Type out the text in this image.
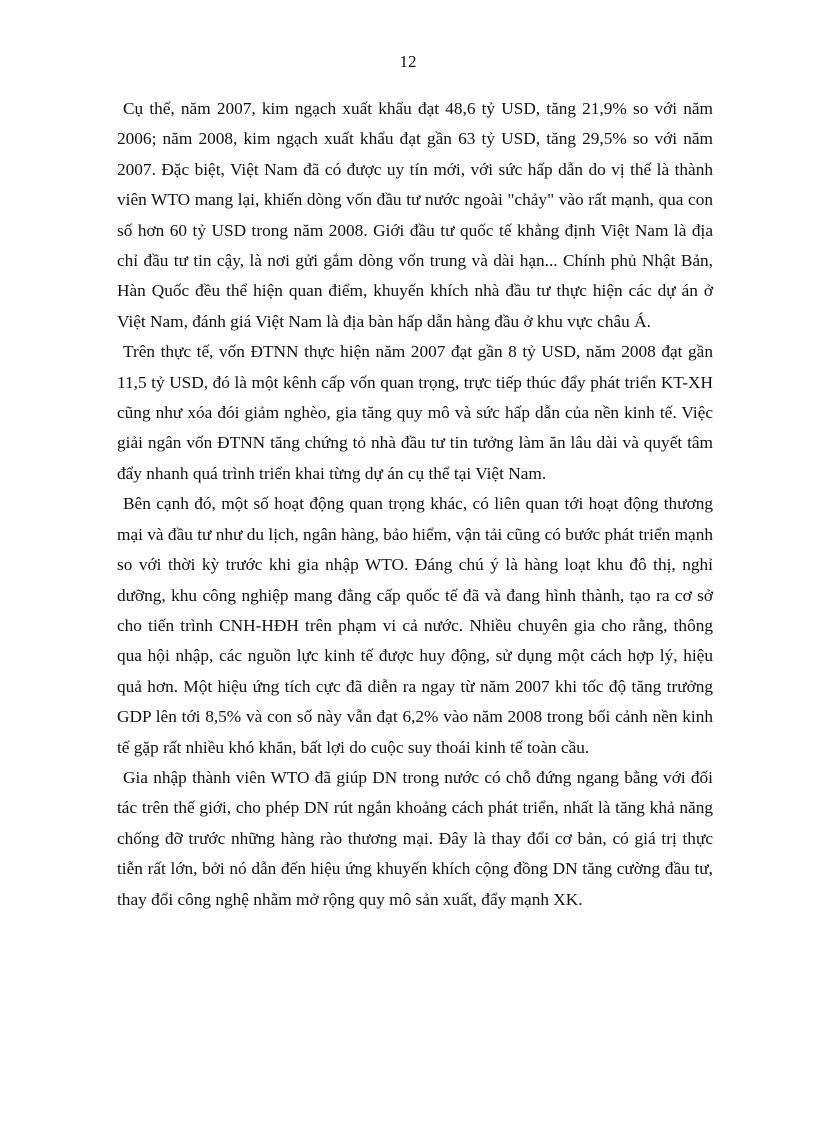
12

Cụ thể, năm 2007, kim ngạch xuất khẩu đạt 48,6 tỷ USD, tăng 21,9% so với năm 2006; năm 2008, kim ngạch xuất khẩu đạt gần 63 tỷ USD, tăng 29,5% so với năm 2007. Đặc biệt, Việt Nam đã có được uy tín mới, với sức hấp dẫn do vị thế là thành viên WTO mang lại, khiến dòng vốn đầu tư nước ngoài "chảy" vào rất mạnh, qua con số hơn 60 tỷ USD trong năm 2008. Giới đầu tư quốc tế khẳng định Việt Nam là địa chỉ đầu tư tin cậy, là nơi gửi gắm dòng vốn trung và dài hạn... Chính phủ Nhật Bản, Hàn Quốc đều thể hiện quan điểm, khuyến khích nhà đầu tư thực hiện các dự án ở Việt Nam, đánh giá Việt Nam là địa bàn hấp dẫn hàng đầu ở khu vực châu Á.

Trên thực tế, vốn ĐTNN thực hiện năm 2007 đạt gần 8 tỷ USD, năm 2008 đạt gần 11,5 tỷ USD, đó là một kênh cấp vốn quan trọng, trực tiếp thúc đẩy phát triển KT-XH cũng như xóa đói giảm nghèo, gia tăng quy mô và sức hấp dẫn của nền kinh tế. Việc giải ngân vốn ĐTNN tăng chứng tỏ nhà đầu tư tin tưởng làm ăn lâu dài và quyết tâm đẩy nhanh quá trình triển khai từng dự án cụ thể tại Việt Nam.

Bên cạnh đó, một số hoạt động quan trọng khác, có liên quan tới hoạt động thương mại và đầu tư như du lịch, ngân hàng, bảo hiểm, vận tải cũng có bước phát triển mạnh so với thời kỳ trước khi gia nhập WTO. Đáng chú ý là hàng loạt khu đô thị, nghỉ dưỡng, khu công nghiệp mang đẳng cấp quốc tế đã và đang hình thành, tạo ra cơ sở cho tiến trình CNH-HĐH trên phạm vi cả nước. Nhiều chuyên gia cho rằng, thông qua hội nhập, các nguồn lực kinh tế được huy động, sử dụng một cách hợp lý, hiệu quả hơn. Một hiệu ứng tích cực đã diễn ra ngay từ năm 2007 khi tốc độ tăng trưởng GDP lên tới 8,5% và con số này vẫn đạt 6,2% vào năm 2008 trong bối cảnh nền kinh tế gặp rất nhiều khó khăn, bất lợi do cuộc suy thoái kinh tế toàn cầu.

Gia nhập thành viên WTO đã giúp DN trong nước có chỗ đứng ngang bằng với đối tác trên thế giới, cho phép DN rút ngắn khoảng cách phát triển, nhất là tăng khả năng chống đỡ trước những hàng rào thương mại. Đây là thay đổi cơ bản, có giá trị thực tiễn rất lớn, bởi nó dẫn đến hiệu ứng khuyến khích cộng đồng DN tăng cường đầu tư, thay đổi công nghệ nhằm mở rộng quy mô sản xuất, đẩy mạnh XK.
